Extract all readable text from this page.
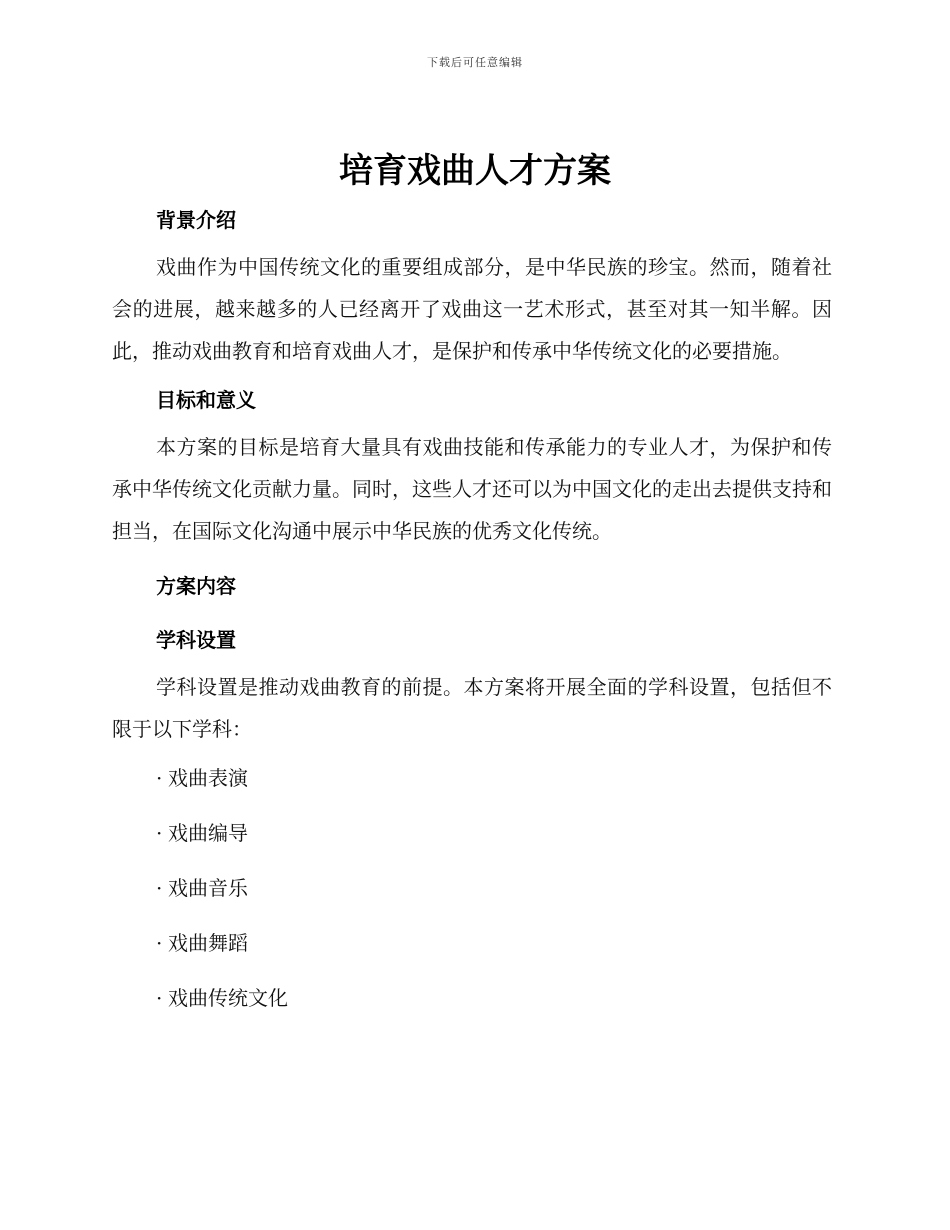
下载后可任意编辑
培育戏曲人才方案
背景介绍
戏曲作为中国传统文化的重要组成部分，是中华民族的珍宝。然而，随着社会的进展，越来越多的人已经离开了戏曲这一艺术形式，甚至对其一知半解。因此，推动戏曲教育和培育戏曲人才，是保护和传承中华传统文化的必要措施。
目标和意义
本方案的目标是培育大量具有戏曲技能和传承能力的专业人才，为保护和传承中华传统文化贡献力量。同时，这些人才还可以为中国文化的走出去提供支持和担当，在国际文化沟通中展示中华民族的优秀文化传统。
方案内容
学科设置
学科设置是推动戏曲教育的前提。本方案将开展全面的学科设置，包括但不限于以下学科：
· 戏曲表演
· 戏曲编导
· 戏曲音乐
· 戏曲舞蹈
· 戏曲传统文化
